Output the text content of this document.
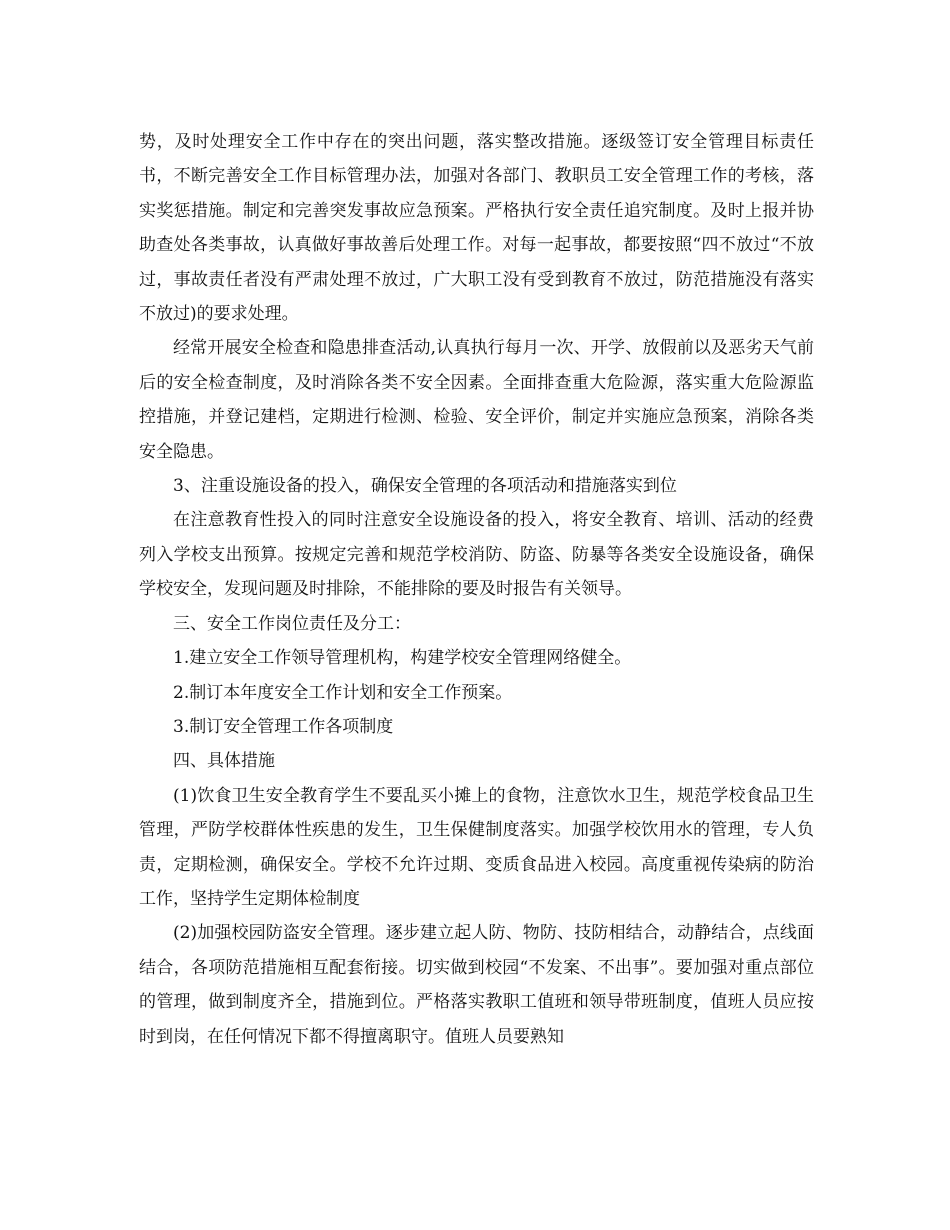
势，及时处理安全工作中存在的突出问题，落实整改措施。逐级签订安全管理目标责任书，不断完善安全工作目标管理办法，加强对各部门、教职员工安全管理工作的考核，落实奖惩措施。制定和完善突发事故应急预案。严格执行安全责任追究制度。及时上报并协助查处各类事故，认真做好事故善后处理工作。对每一起事故，都要按照“四不放过“不放过，事故责任者没有严肃处理不放过，广大职工没有受到教育不放过，防范措施没有落实不放过)的要求处理。

经常开展安全检查和隐患排查活动,认真执行每月一次、开学、放假前以及恶劣天气前后的安全检查制度，及时消除各类不安全因素。全面排查重大危险源，落实重大危险源监控措施，并登记建档，定期进行检测、检验、安全评价，制定并实施应急预案，消除各类安全隐患。

3、注重设施设备的投入，确保安全管理的各项活动和措施落实到位

在注意教育性投入的同时注意安全设施设备的投入，将安全教育、培训、活动的经费列入学校支出预算。按规定完善和规范学校消防、防盗、防暴等各类安全设施设备，确保学校安全，发现问题及时排除，不能排除的要及时报告有关领导。

三、安全工作岗位责任及分工：

1.建立安全工作领导管理机构，构建学校安全管理网络健全。

2.制订本年度安全工作计划和安全工作预案。

3.制订安全管理工作各项制度

四、具体措施

(1)饮食卫生安全教育学生不要乱买小摊上的食物，注意饮水卫生，规范学校食品卫生管理，严防学校群体性疾患的发生，卫生保健制度落实。加强学校饮用水的管理，专人负责，定期检测，确保安全。学校不允许过期、变质食品进入校园。高度重视传染病的防治工作，坚持学生定期体检制度

(2)加强校园防盗安全管理。逐步建立起人防、物防、技防相结合，动静结合，点线面结合，各项防范措施相互配套衔接。切实做到校园“不发案、不出事”。要加强对重点部位的管理，做到制度齐全，措施到位。严格落实教职工值班和领导带班制度，值班人员应按时到岗，在任何情况下都不得擅离职守。值班人员要熟知
